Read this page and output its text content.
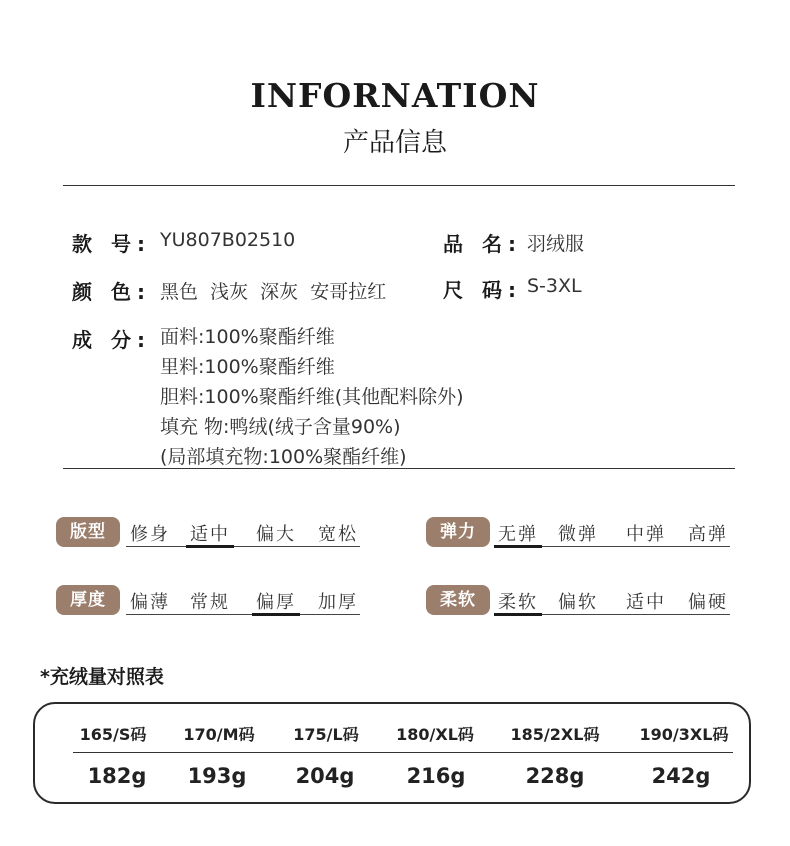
INFORNATION
产品信息
款 号: YU807B02510	品 名: 羽绒服
颜 色: 黑色  浅灰  深灰  安哥拉红	尺 码: S-3XL
成 分: 面料:100%聚酯纤维
里料:100%聚酯纤维
胆料:100%聚酯纤维(其他配料除外)
填充 物:鸭绒(绒子含量90%)
(局部填充物:100%聚酯纤维)
版型	修身 适中 偏大 宽松	弹力	无弹 微弹 中弹 高弹
厚度	偏薄 常规 偏厚 加厚	柔软	柔软 偏软 适中 偏硬
*充绒量对照表
165/S码	170/M码	175/L码	180/XL码	185/2XL码	190/3XL码
182g	193g	204g	216g	228g	242g
